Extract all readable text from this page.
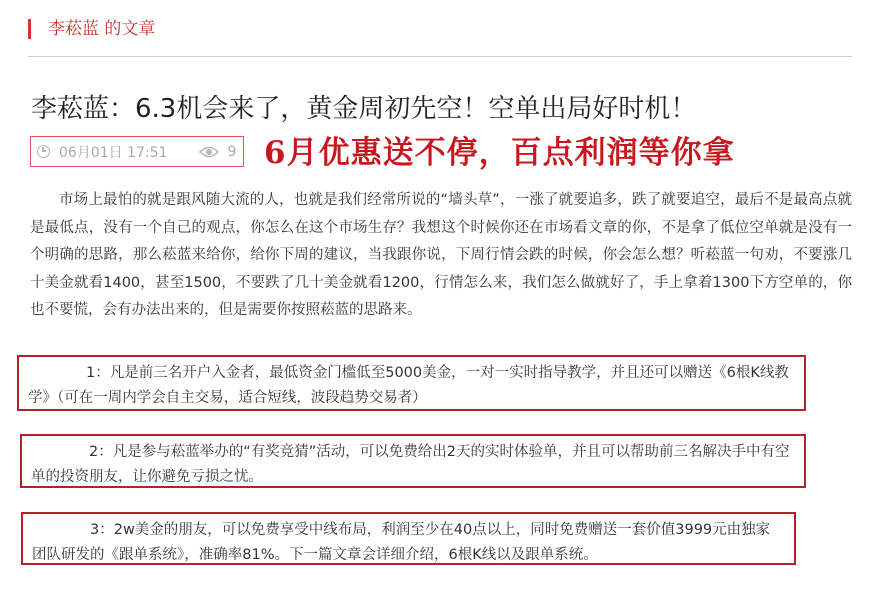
李菘蓝 的文章
李菘蓝：6.3机会来了，黄金周初先空！空单出局好时机！
06月01日 17:51	9 6月优惠送不停，百点利润等你拿
市场上最怕的就是跟风随大流的人，也就是我们经常所说的“墙头草”，一涨了就要追多，跌了就要追空，最后不是最高点就是最低点，没有一个自己的观点，你怎么在这个市场生存？我想这个时候你还在市场看文章的你，不是拿了低位空单就是没有一个明确的思路，那么菘蓝来给你，给你下周的建议，当我跟你说，下周行情会跌的时候，你会怎么想？听菘蓝一句劝，不要涨几十美金就看1400，甚至1500，不要跌了几十美金就看1200，行情怎么来，我们怎么做就好了，手上拿着1300下方空单的，你也不要慌，会有办法出来的，但是需要你按照菘蓝的思路来。
1：凡是前三名开户入金者，最低资金门槛低至5000美金，一对一实时指导教学，并且还可以赠送《6根K线教学》（可在一周内学会自主交易，适合短线，波段趋势交易者）
2：凡是参与菘蓝举办的“有奖竞猜”活动，可以免费给出2天的实时体验单，并且可以帮助前三名解决手中有空单的投资朋友，让你避免亏损之忧。
3：2w美金的朋友，可以免费享受中线布局，利润至少在40点以上，同时免费赠送一套价值3999元由独家团队研发的《跟单系统》，准确率81%。下一篇文章会详细介绍，6根K线以及跟单系统。
